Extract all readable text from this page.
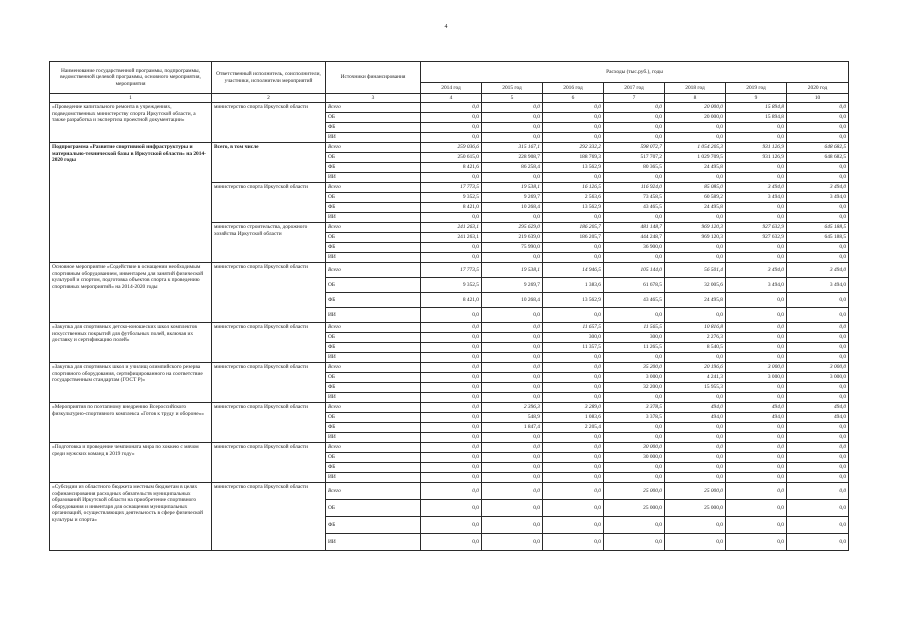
4
Наименование государственной программы, подпрограммы, ведомственной целевой программы, основного мероприятия, мероприятия	Ответственный исполнитель, соисполнители, участники, исполнители мероприятий	Источники финансирования	Расходы (тыс.руб.), годы						
			2014 год	2015 год	2016 год	2017 год	2018 год	2019 год	2020 год
1	2	3	4	5	6	7	8	9	10
«Проведение капитального ремонта в учреждениях, подведомственных министерству спорта Иркутской области, а также разработка и экспертиза проектной документации»	министерство спорта Иркутской области	Всего	0,0	0,0	0,0	0,0	20 000,0	15 894,8	0,0
		ОБ	0,0	0,0	0,0	0,0	20 000,0	15 894,8	0,0
		ФБ	0,0	0,0	0,0	0,0	0,0	0,0	0,0
		ИИ	0,0	0,0	0,0	0,0	0,0	0,0	0,0
Подпрограмма «Развитие спортивной инфраструктуры и материально-технической базы в Иркутской области» на 2014-2020 годы	Всего, в том числе	Всего	259 036,6	315 167,1	292 332,2	598 072,7	1 054 205,3	931 126,9	648 682,5
		ОБ	250 615,0	228 908,7	188 769,3	517 707,2	1 029 709,5	931 126,9	648 682,5
		ФБ	8 421,6	86 258,4	13 562,9	80 365,5	24 495,8	0,0	0,0
		ИИ	0,0	0,0	0,0	0,0	0,0	0,0	0,0
	министерство спорта Иркутской области	Всего	17 773,5	19 538,1	16 126,5	116 924,0	85 085,0	3 494,0	3 494,0
		ОБ	9 352,5	9 269,7	2 563,6	73 458,5	60 589,2	3 494,0	3 494,0
		ФБ	8 421,0	10 268,4	13 562,9	43 465,5	24 495,8	0,0	0,0
		ИИ	0,0	0,0	0,0	0,0	0,0	0,0	0,0
	министерство строительства, дорожного хозяйства Иркутской области	Всего	241 263,1	295 629,0	186 205,7	481 148,7	969 120,3	927 632,9	645 188,5
		ОБ	241 263,1	219 639,0	186 205,7	444 248,7	969 120,3	927 632,9	645 188,5
		ФБ	0,0	75 990,0	0,0	36 900,0	0,0	0,0	0,0
		ИИ	0,0	0,0	0,0	0,0	0,0	0,0	0,0
Основное мероприятие «Содействие в оснащении необходимым спортивным оборудованием, инвентарем для занятий физической культурой и спортом, подготовка объектов спорта к проведению спортивных мероприятий» на 2014-2020 годы	министерство спорта Иркутской области	Всего	17 773,5	19 538,1	14 946,5	105 144,0	56 501,4	3 494,0	3 494,0
		ОБ	9 352,5	9 269,7	1 383,6	61 678,5	32 005,6	3 494,0	3 494,0
		ФБ	8 421,0	10 268,4	13 562,9	43 465,5	24 495,8	0,0	0,0
		ИИ	0,0	0,0	0,0	0,0	0,0	0,0	0,0
«Закупка для спортивных детско-юношеских школ комплектов искусственных покрытий для футбольных полей, включая их доставку и сертификацию полей»	министерство спорта Иркутской области	Всего	0,0	0,0	11 657,5	11 565,5	10 816,8	0,0	0,0
		ОБ	0,0	0,0	300,0	300,0	2 276,3	0,0	0,0
		ФБ	0,0	0,0	11 357,5	11 265,5	8 540,5	0,0	0,0
		ИИ	0,0	0,0	0,0	0,0	0,0	0,0	0,0
«Закупка для спортивных школ и училищ олимпийского резерва спортивного оборудования, сертифицированного на соответствие государственным стандартам (ГОСТ Р)»	министерство спорта Иркутской области	Всего	0,0	0,0	0,0	35 200,0	20 196,6	3 000,0	3 000,0
		ОБ	0,0	0,0	0,0	3 000,0	4 241,3	3 000,0	3 000,0
		ФБ	0,0	0,0	0,0	32 200,0	15 955,3	0,0	0,0
		ИИ	0,0	0,0	0,0	0,0	0,0	0,0	0,0
«Мероприятия по поэтапному внедрению Всероссийского физкультурно-спортивного комплекса «Готов к труду и обороне»»	министерство спорта Иркутской области	Всего	0,0	2 396,3	3 289,0	3 378,5	494,0	494,0	494,0
		ОБ	0,0	548,9	1 083,6	3 378,5	494,0	494,0	494,0
		ФБ	0,0	1 847,4	2 205,4	0,0	0,0	0,0	0,0
		ИИ	0,0	0,0	0,0	0,0	0,0	0,0	0,0
«Подготовка и проведение чемпионата мира по хоккею с мячом среди мужских команд в 2019 году»	министерство спорта Иркутской области	Всего	0,0	0,0	0,0	30 000,0	0,0	0,0	0,0
		ОБ	0,0	0,0	0,0	30 000,0	0,0	0,0	0,0
		ФБ	0,0	0,0	0,0	0,0	0,0	0,0	0,0
		ИИ	0,0	0,0	0,0	0,0	0,0	0,0	0,0
«Субсидии из областного бюджета местным бюджетам в целях софинансирования расходных обязательств муниципальных образований Иркутской области на приобретение спортивного оборудования и инвентаря для оснащения муниципальных организаций, осуществляющих деятельность в сфере физической культуры и спорта»	министерство спорта Иркутской области	Всего	0,0	0,0	0,0	25 000,0	25 000,0	0,0	0,0
		ОБ	0,0	0,0	0,0	25 000,0	25 000,0	0,0	0,0
		ФБ	0,0	0,0	0,0	0,0	0,0	0,0	0,0
		ИИ	0,0	0,0	0,0	0,0	0,0	0,0	0,0
